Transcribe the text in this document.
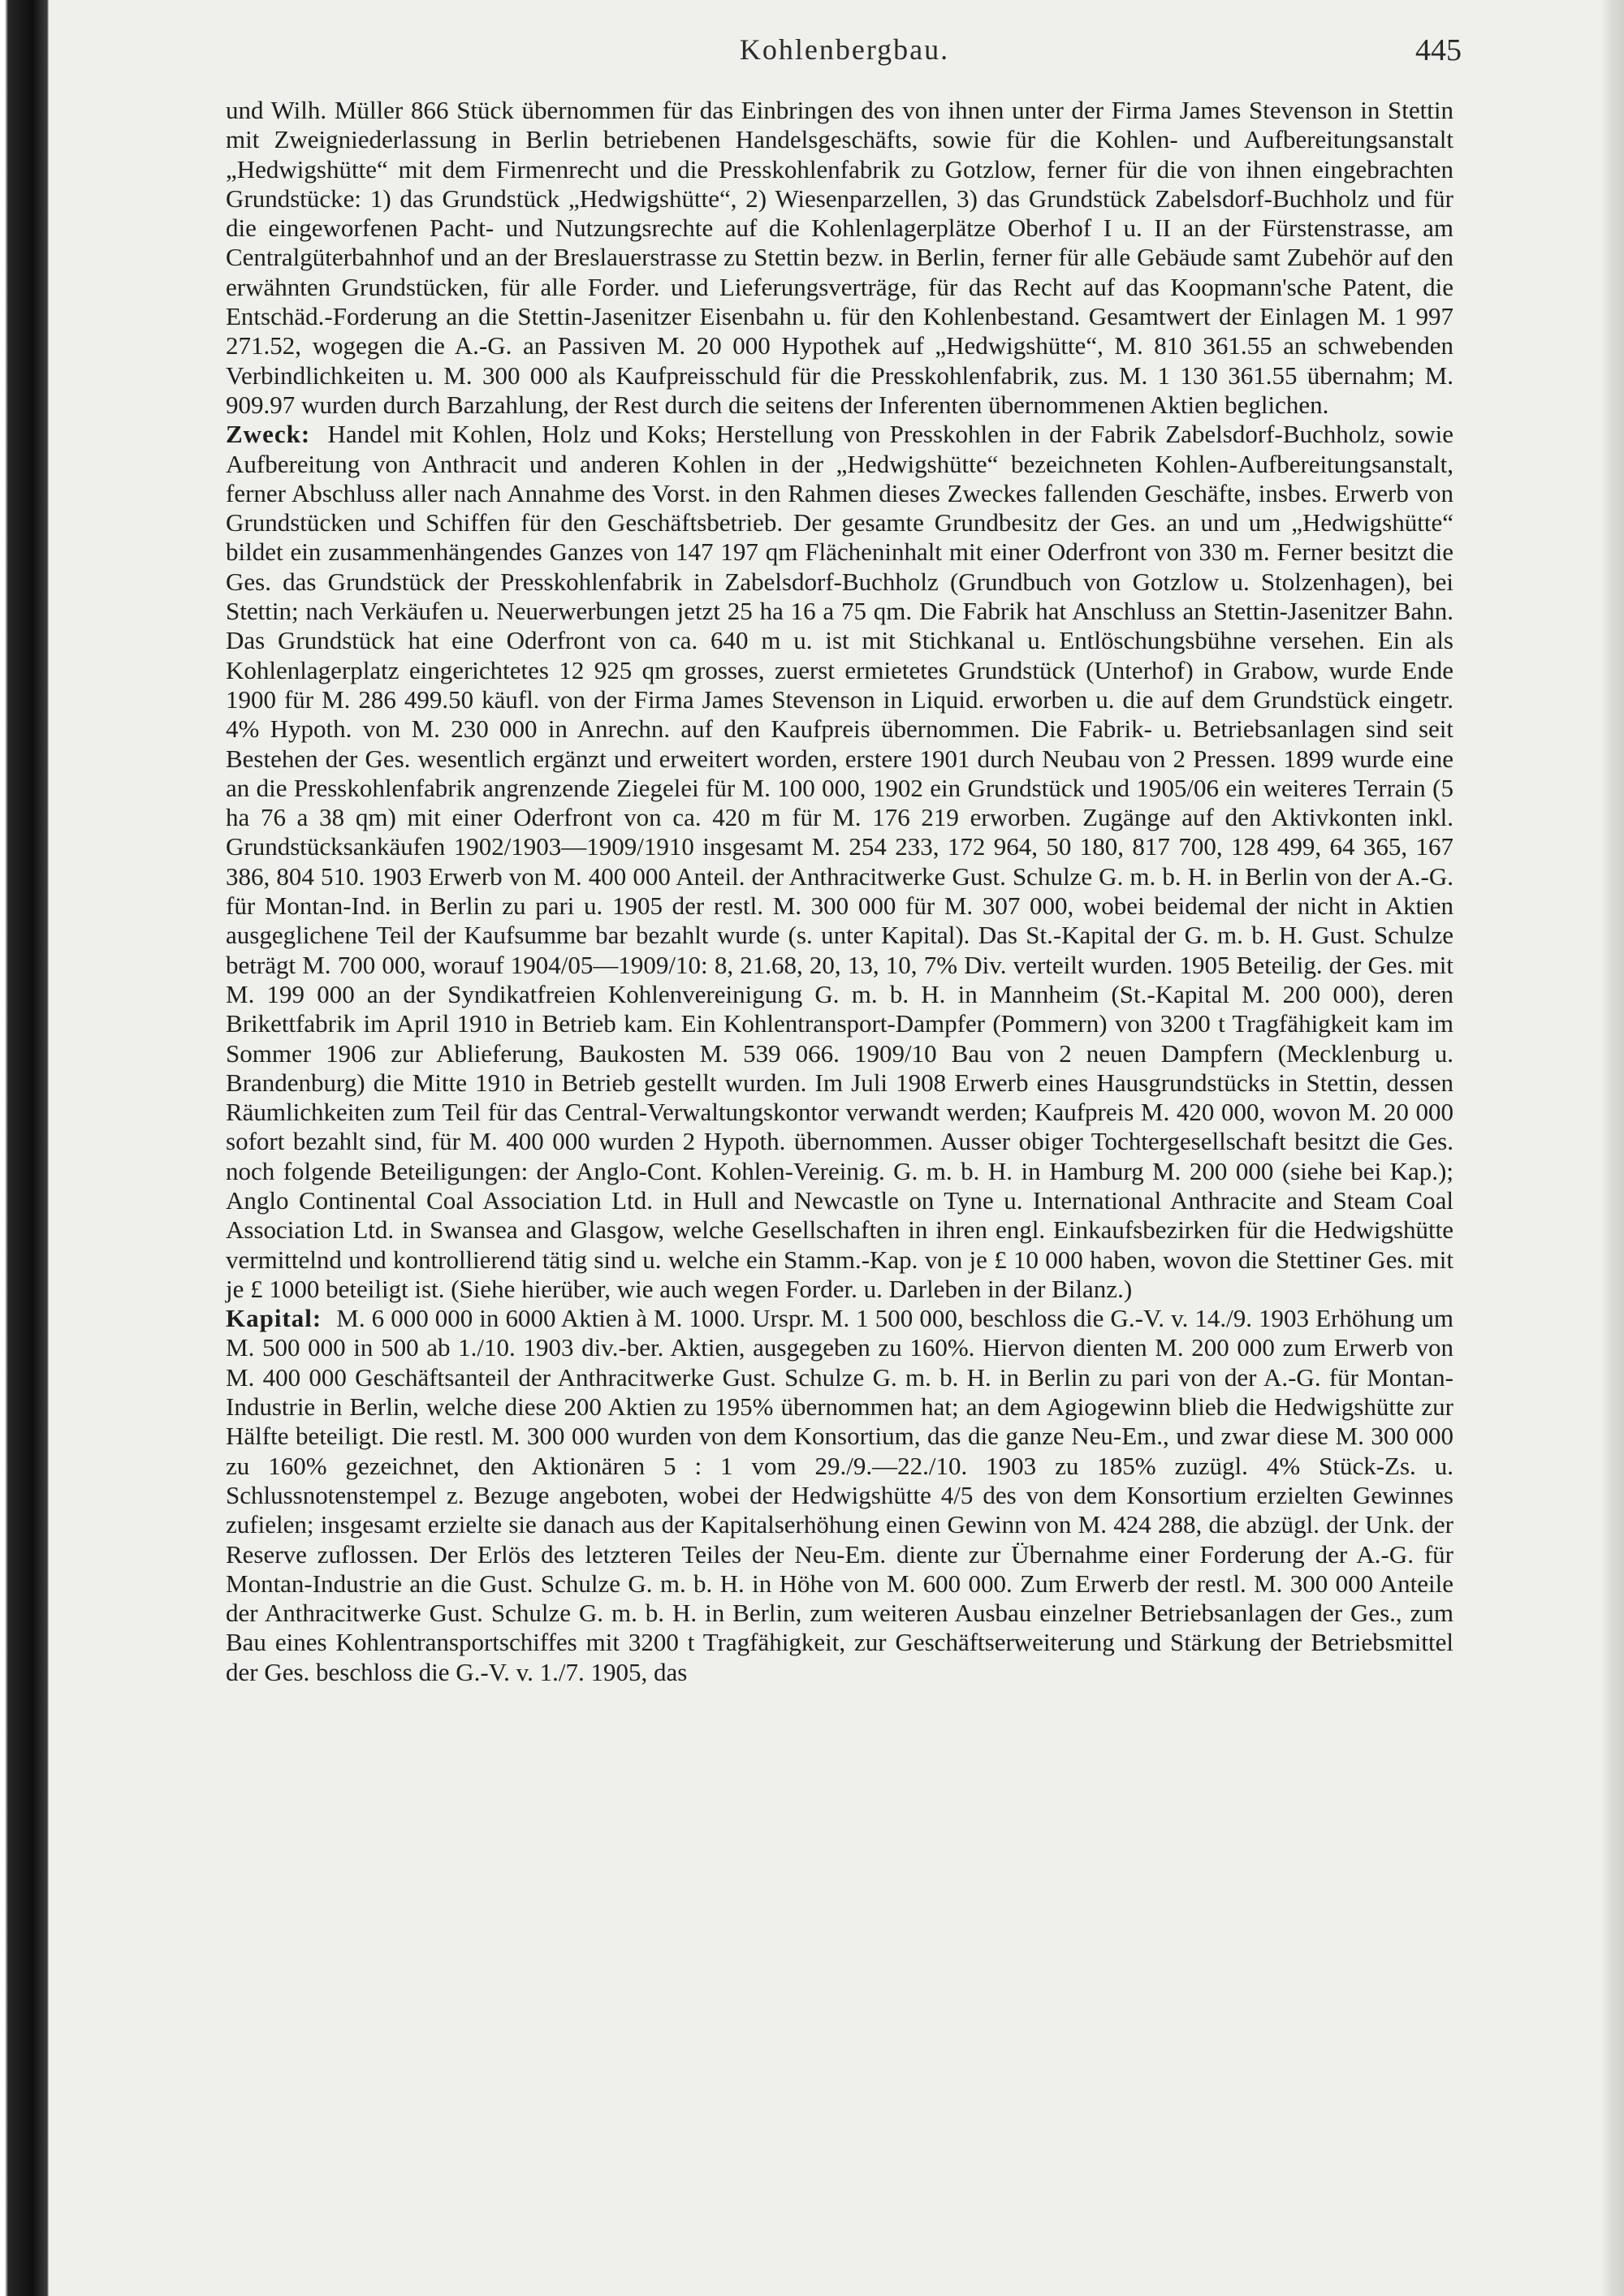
Kohlenbergbau.	445

und Wilh. Müller 866 Stück übernommen für das Einbringen des von ihnen unter der Firma James Stevenson in Stettin mit Zweigniederlassung in Berlin betriebenen Handelsgeschäfts, sowie für die Kohlen- und Aufbereitungsanstalt „Hedwigshütte“ mit dem Firmenrecht und die Presskohlenfabrik zu Gotzlow, ferner für die von ihnen eingebrachten Grundstücke: 1) das Grundstück „Hedwigshütte“, 2) Wiesenparzellen, 3) das Grundstück Zabelsdorf-Buchholz und für die eingeworfenen Pacht- und Nutzungsrechte auf die Kohlenlagerplätze Oberhof I u. II an der Fürstenstrasse, am Centralgüterbahnhof und an der Breslauerstrasse zu Stettin bezw. in Berlin, ferner für alle Gebäude samt Zubehör auf den erwähnten Grundstücken, für alle Forder. und Lieferungsverträge, für das Recht auf das Koopmann'sche Patent, die Entschäd.-Forderung an die Stettin-Jasenitzer Eisenbahn u. für den Kohlenbestand. Gesamtwert der Einlagen M. 1 997 271.52, wogegen die A.-G. an Passiven M. 20 000 Hypothek auf „Hedwigshütte“, M. 810 361.55 an schwebenden Verbindlichkeiten u. M. 300 000 als Kaufpreisschuld für die Presskohlenfabrik, zus. M. 1 130 361.55 übernahm; M. 909.97 wurden durch Barzahlung, der Rest durch die seitens der Inferenten übernommenen Aktien beglichen.

Zweck: Handel mit Kohlen, Holz und Koks; Herstellung von Presskohlen in der Fabrik Zabelsdorf-Buchholz, sowie Aufbereitung von Anthracit und anderen Kohlen in der „Hedwigshütte“ bezeichneten Kohlen-Aufbereitungsanstalt, ferner Abschluss aller nach Annahme des Vorst. in den Rahmen dieses Zweckes fallenden Geschäfte, insbes. Erwerb von Grundstücken und Schiffen für den Geschäftsbetrieb. Der gesamte Grundbesitz der Ges. an und um „Hedwigshütte“ bildet ein zusammenhängendes Ganzes von 147 197 qm Flächeninhalt mit einer Oderfront von 330 m. Ferner besitzt die Ges. das Grundstück der Presskohlenfabrik in Zabelsdorf-Buchholz (Grundbuch von Gotzlow u. Stolzenhagen), bei Stettin; nach Verkäufen u. Neuerwerbungen jetzt 25 ha 16 a 75 qm. Die Fabrik hat Anschluss an Stettin-Jasenitzer Bahn. Das Grundstück hat eine Oderfront von ca. 640 m u. ist mit Stichkanal u. Entlöschungsbühne versehen. Ein als Kohlenlagerplatz eingerichtetes 12 925 qm grosses, zuerst ermietetes Grundstück (Unterhof) in Grabow, wurde Ende 1900 für M. 286 499.50 käufl. von der Firma James Stevenson in Liquid. erworben u. die auf dem Grundstück eingetr. 4% Hypoth. von M. 230 000 in Anrechn. auf den Kaufpreis übernommen. Die Fabrik- u. Betriebsanlagen sind seit Bestehen der Ges. wesentlich ergänzt und erweitert worden, erstere 1901 durch Neubau von 2 Pressen. 1899 wurde eine an die Presskohlenfabrik angrenzende Ziegelei für M. 100 000, 1902 ein Grundstück und 1905/06 ein weiteres Terrain (5 ha 76 a 38 qm) mit einer Oderfront von ca. 420 m für M. 176 219 erworben. Zugänge auf den Aktivkonten inkl. Grundstücksankäufen 1902/1903—1909/1910 insgesamt M. 254 233, 172 964, 50 180, 817 700, 128 499, 64 365, 167 386, 804 510. 1903 Erwerb von M. 400 000 Anteil. der Anthracitwerke Gust. Schulze G. m. b. H. in Berlin von der A.-G. für Montan-Ind. in Berlin zu pari u. 1905 der restl. M. 300 000 für M. 307 000, wobei beidemal der nicht in Aktien ausgeglichene Teil der Kaufsumme bar bezahlt wurde (s. unter Kapital). Das St.-Kapital der G. m. b. H. Gust. Schulze beträgt M. 700 000, worauf 1904/05—1909/10: 8, 21.68, 20, 13, 10, 7% Div. verteilt wurden. 1905 Beteilig. der Ges. mit M. 199 000 an der Syndikatfreien Kohlenvereinigung G. m. b. H. in Mannheim (St.-Kapital M. 200 000), deren Brikettfabrik im April 1910 in Betrieb kam. Ein Kohlentransport-Dampfer (Pommern) von 3200 t Tragfähigkeit kam im Sommer 1906 zur Ablieferung, Baukosten M. 539 066. 1909/10 Bau von 2 neuen Dampfern (Mecklenburg u. Brandenburg) die Mitte 1910 in Betrieb gestellt wurden. Im Juli 1908 Erwerb eines Hausgrundstücks in Stettin, dessen Räumlichkeiten zum Teil für das Central-Verwaltungskontor verwandt werden; Kaufpreis M. 420 000, wovon M. 20 000 sofort bezahlt sind, für M. 400 000 wurden 2 Hypoth. übernommen. Ausser obiger Tochtergesellschaft besitzt die Ges. noch folgende Beteiligungen: der Anglo-Cont. Kohlen-Vereinig. G. m. b. H. in Hamburg M. 200 000 (siehe bei Kap.); Anglo Continental Coal Association Ltd. in Hull and Newcastle on Tyne u. International Anthracite and Steam Coal Association Ltd. in Swansea and Glasgow, welche Gesellschaften in ihren engl. Einkaufsbezirken für die Hedwigshütte vermittelnd und kontrollierend tätig sind u. welche ein Stamm.-Kap. von je £ 10 000 haben, wovon die Stettiner Ges. mit je £ 1000 beteiligt ist. (Siehe hierüber, wie auch wegen Forder. u. Darleben in der Bilanz.)

Kapital: M. 6 000 000 in 6000 Aktien à M. 1000. Urspr. M. 1 500 000, beschloss die G.-V. v. 14./9. 1903 Erhöhung um M. 500 000 in 500 ab 1./10. 1903 div.-ber. Aktien, ausgegeben zu 160%. Hiervon dienten M. 200 000 zum Erwerb von M. 400 000 Geschäftsanteil der Anthracitwerke Gust. Schulze G. m. b. H. in Berlin zu pari von der A.-G. für Montan-Industrie in Berlin, welche diese 200 Aktien zu 195% übernommen hat; an dem Agiogewinn blieb die Hedwigshütte zur Hälfte beteiligt. Die restl. M. 300 000 wurden von dem Konsortium, das die ganze Neu-Em., und zwar diese M. 300 000 zu 160% gezeichnet, den Aktionären 5 : 1 vom 29./9.—22./10. 1903 zu 185% zuzügl. 4% Stück-Zs. u. Schlussnotenstempel z. Bezuge angeboten, wobei der Hedwigshütte 4/5 des von dem Konsortium erzielten Gewinnes zufielen; insgesamt erzielte sie danach aus der Kapitalserhöhung einen Gewinn von M. 424 288, die abzügl. der Unk. der Reserve zuflossen. Der Erlös des letzteren Teiles der Neu-Em. diente zur Übernahme einer Forderung der A.-G. für Montan-Industrie an die Gust. Schulze G. m. b. H. in Höhe von M. 600 000. Zum Erwerb der restl. M. 300 000 Anteile der Anthracitwerke Gust. Schulze G. m. b. H. in Berlin, zum weiteren Ausbau einzelner Betriebsanlagen der Ges., zum Bau eines Kohlentransportschiffes mit 3200 t Tragfähigkeit, zur Geschäftserweiterung und Stärkung der Betriebsmittel der Ges. beschloss die G.-V. v. 1./7. 1905, das
